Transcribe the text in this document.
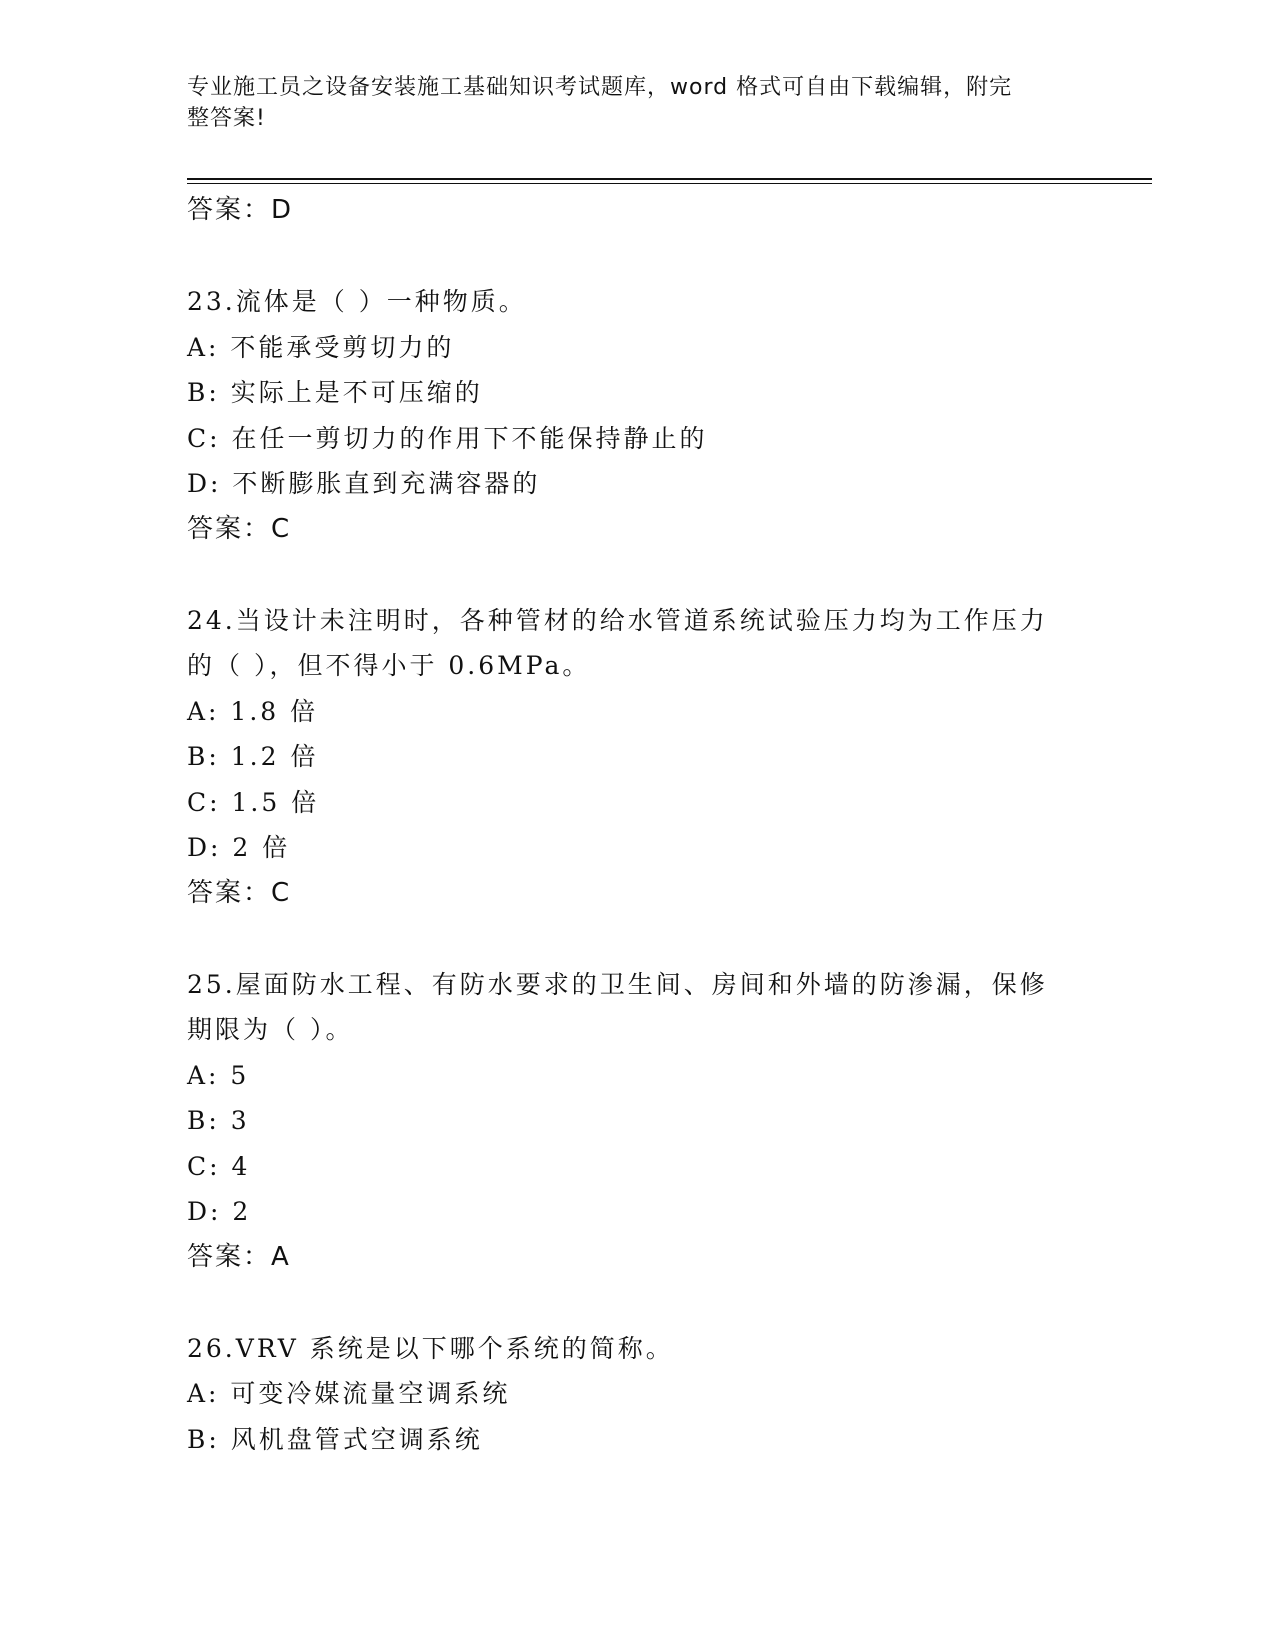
专业施工员之设备安装施工基础知识考试题库，word 格式可自由下载编辑，附完
整答案!
答案：D
23.流体是（ ）一种物质。
A: 不能承受剪切力的
B: 实际上是不可压缩的
C: 在任一剪切力的作用下不能保持静止的
D: 不断膨胀直到充满容器的
答案：C
24.当设计未注明时，各种管材的给水管道系统试验压力均为工作压力
的（ ），但不得小于 0.6MPa。
A: 1.8 倍
B: 1.2 倍
C: 1.5 倍
D: 2 倍
答案：C
25.屋面防水工程、有防水要求的卫生间、房间和外墙的防渗漏，保修
期限为（ ）。
A: 5
B: 3
C: 4
D: 2
答案：A
26.VRV 系统是以下哪个系统的简称。
A: 可变冷媒流量空调系统
B: 风机盘管式空调系统
